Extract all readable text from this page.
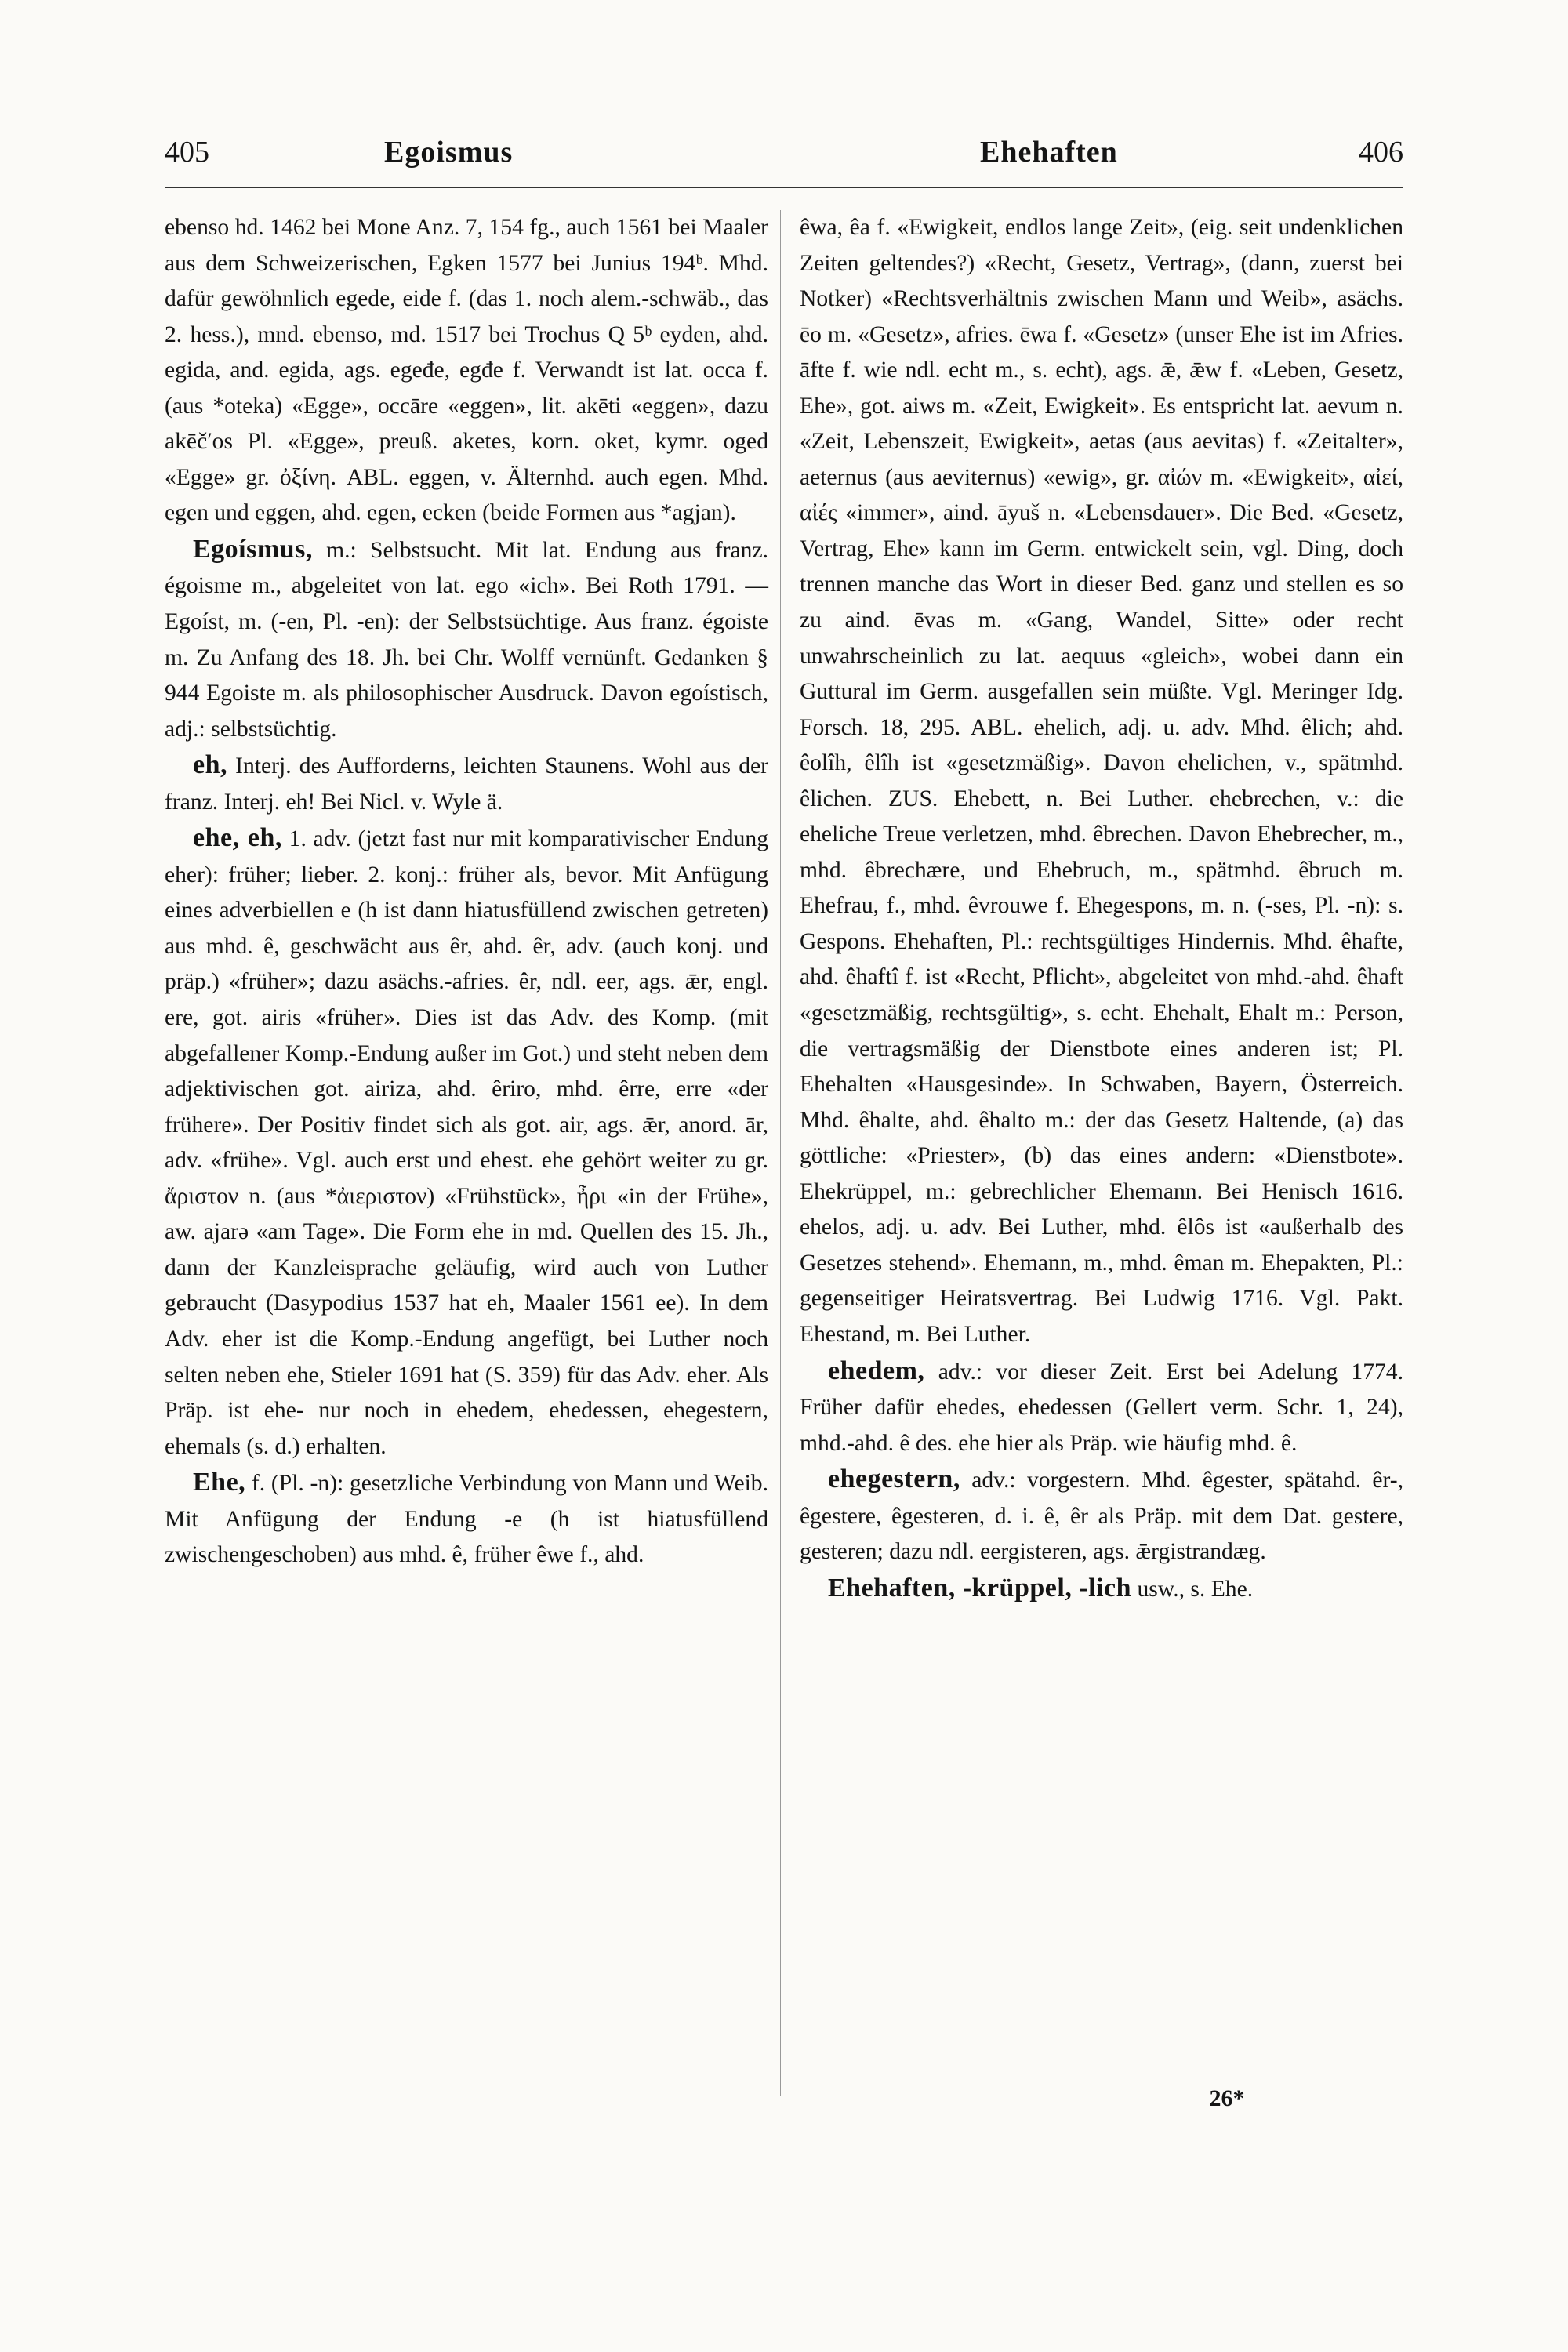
405	Egoismus	Ehehaften	406

ebenso hd. 1462 bei Mone Anz. 7, 154 fg., auch 1561 bei Maaler aus dem Schweizerischen, Egken 1577 bei Junius 194ᵇ. Mhd. dafür gewöhnlich egede, eide f. (das 1. noch alem.-schwäb., das 2. hess.), mnd. ebenso, md. 1517 bei Trochus Q 5ᵇ eyden, ahd. egida, and. egida, ags. egeđe, egđe f. Verwandt ist lat. occa f. (aus *oteka) «Egge», occāre «eggen», lit. akēti «eggen», dazu akēčʹos Pl. «Egge», preuß. aketes, korn. oket, kymr. oged «Egge» gr. ὀξίνη. ABL. eggen, v. Älternhd. auch egen. Mhd. egen und eggen, ahd. egen, ecken (beide Formen aus *agjan).

Egoísmus, m.: Selbstsucht. Mit lat. Endung aus franz. égoisme m., abgeleitet von lat. ego «ich». Bei Roth 1791. — Egoíst, m. (-en, Pl. -en): der Selbstsüchtige. Aus franz. égoiste m. Zu Anfang des 18. Jh. bei Chr. Wolff vernünft. Gedanken § 944 Egoiste m. als philosophischer Ausdruck. Davon egoístisch, adj.: selbstsüchtig.

eh, Interj. des Aufforderns, leichten Staunens. Wohl aus der franz. Interj. eh! Bei Nicl. v. Wyle ä.

ehe, eh, 1. adv. (jetzt fast nur mit komparativischer Endung eher): früher; lieber. 2. konj.: früher als, bevor. Mit Anfügung eines adverbiellen e (h ist dann hiatusfüllend zwischen getreten) aus mhd. ê, geschwächt aus êr, ahd. êr, adv. (auch konj. und präp.) «früher»; dazu asächs.-afries. êr, ndl. eer, ags. ǣr, engl. ere, got. airis «früher». Dies ist das Adv. des Komp. (mit abgefallener Komp.-Endung außer im Got.) und steht neben dem adjektivischen got. airiza, ahd. êriro, mhd. êrre, erre «der frühere». Der Positiv findet sich als got. air, ags. ǣr, anord. ār, adv. «frühe». Vgl. auch erst und ehest. ehe gehört weiter zu gr. ἄριστον n. (aus *ἀιεριστον) «Frühstück», ἦρι «in der Frühe», aw. ajarə «am Tage». Die Form ehe in md. Quellen des 15. Jh., dann der Kanzleisprache geläufig, wird auch von Luther gebraucht (Dasypodius 1537 hat eh, Maaler 1561 ee). In dem Adv. eher ist die Komp.-Endung angefügt, bei Luther noch selten neben ehe, Stieler 1691 hat (S. 359) für das Adv. eher. Als Präp. ist ehe- nur noch in ehedem, ehedessen, ehegestern, ehemals (s. d.) erhalten.

Ehe, f. (Pl. -n): gesetzliche Verbindung von Mann und Weib. Mit Anfügung der Endung -e (h ist hiatusfüllend zwischengeschoben) aus mhd. ê, früher êwe f., ahd.

êwa, êa f. «Ewigkeit, endlos lange Zeit», (eig. seit undenklichen Zeiten geltendes?) «Recht, Gesetz, Vertrag», (dann, zuerst bei Notker) «Rechtsverhältnis zwischen Mann und Weib», asächs. ēo m. «Gesetz», afries. ēwa f. «Gesetz» (unser Ehe ist im Afries. āfte f. wie ndl. echt m., s. echt), ags. ǣ, ǣw f. «Leben, Gesetz, Ehe», got. aiws m. «Zeit, Ewigkeit». Es entspricht lat. aevum n. «Zeit, Lebenszeit, Ewigkeit», aetas (aus aevitas) f. «Zeitalter», aeternus (aus aeviternus) «ewig», gr. αἰών m. «Ewigkeit», αἰεί, αἰές «immer», aind. āyuš n. «Lebensdauer». Die Bed. «Gesetz, Vertrag, Ehe» kann im Germ. entwickelt sein, vgl. Ding, doch trennen manche das Wort in dieser Bed. ganz und stellen es so zu aind. ēvas m. «Gang, Wandel, Sitte» oder recht unwahrscheinlich zu lat. aequus «gleich», wobei dann ein Guttural im Germ. ausgefallen sein müßte. Vgl. Meringer Idg. Forsch. 18, 295. ABL. ehelich, adj. u. adv. Mhd. êlich; ahd. êolîh, êlîh ist «gesetzmäßig». Davon ehelichen, v., spätmhd. êlichen. ZUS. Ehebett, n. Bei Luther. ehebrechen, v.: die eheliche Treue verletzen, mhd. êbrechen. Davon Ehebrecher, m., mhd. êbrechære, und Ehebruch, m., spätmhd. êbruch m. Ehefrau, f., mhd. êvrouwe f. Ehegespons, m. n. (-ses, Pl. -n): s. Gespons. Ehehaften, Pl.: rechtsgültiges Hindernis. Mhd. êhafte, ahd. êhaftî f. ist «Recht, Pflicht», abgeleitet von mhd.-ahd. êhaft «gesetzmäßig, rechtsgültig», s. echt. Ehehalt, Ehalt m.: Person, die vertragsmäßig der Dienstbote eines anderen ist; Pl. Ehehalten «Hausgesinde». In Schwaben, Bayern, Österreich. Mhd. êhalte, ahd. êhalto m.: der das Gesetz Haltende, (a) das göttliche: «Priester», (b) das eines andern: «Dienstbote». Ehekrüppel, m.: gebrechlicher Ehemann. Bei Henisch 1616. ehelos, adj. u. adv. Bei Luther, mhd. êlôs ist «außerhalb des Gesetzes stehend». Ehemann, m., mhd. êman m. Ehepakten, Pl.: gegenseitiger Heiratsvertrag. Bei Ludwig 1716. Vgl. Pakt. Ehestand, m. Bei Luther.

ehedem, adv.: vor dieser Zeit. Erst bei Adelung 1774. Früher dafür ehedes, ehedessen (Gellert verm. Schr. 1, 24), mhd.-ahd. ê des. ehe hier als Präp. wie häufig mhd. ê.

ehegestern, adv.: vorgestern. Mhd. êgester, spätahd. êr-, êgestere, êgesteren, d. i. ê, êr als Präp. mit dem Dat. gestere, gesteren; dazu ndl. eergisteren, ags. ǣrgistrandæg.

Ehehaften, -krüppel, -lich usw., s. Ehe.

26*
